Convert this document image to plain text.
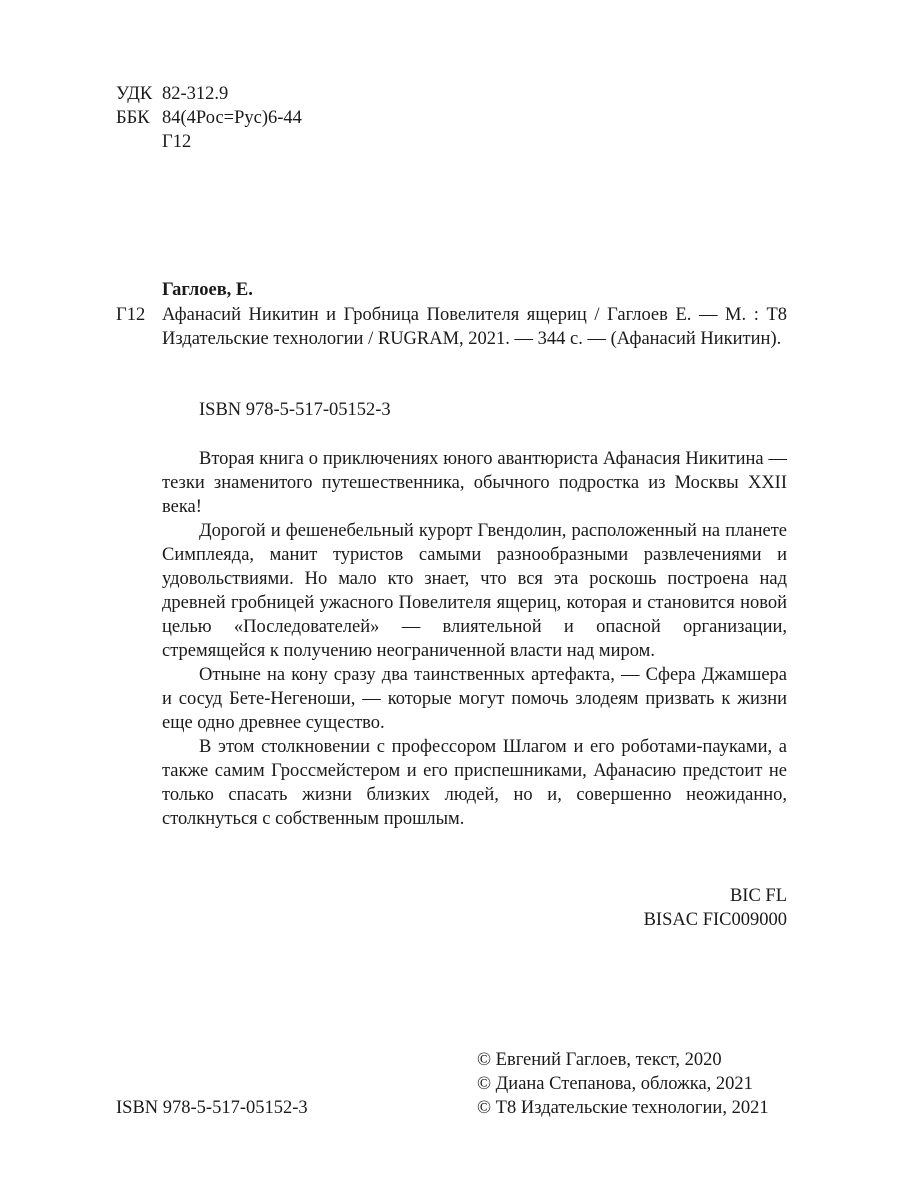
УДК 82-312.9
ББК 84(4Рос=Рус)6-44
Г12
Гаглоев, Е.
Г12 Афанасий Никитин и Гробница Повелителя ящериц / Гаглоев Е. — М. : Т8 Издательские технологии / RUGRAM, 2021. — 344 с. — (Афанасий Никитин).
ISBN 978-5-517-05152-3

Вторая книга о приключениях юного авантюриста Афанасия Никитина — тезки знаменитого путешественника, обычного подростка из Москвы XXII века!

Дорогой и фешенебельный курорт Гвендолин, расположенный на планете Симплеяда, манит туристов самыми разнообразными развлечениями и удовольствиями. Но мало кто знает, что вся эта роскошь построена над древней гробницей ужасного Повелителя ящериц, которая и становится новой целью «Последователей» — влиятельной и опасной организации, стремящейся к получению неограниченной власти над миром.

Отныне на кону сразу два таинственных артефакта, — Сфера Джамшера и сосуд Бете-Негеноши, — которые могут помочь злодеям призвать к жизни еще одно древнее существо.

В этом столкновении с профессором Шлагом и его роботами-пауками, а также самим Гроссмейстером и его приспешниками, Афанасию предстоит не только спасать жизни близких людей, но и, совершенно неожиданно, столкнуться с собственным прошлым.

BIC FL
BISAC FIC009000
© Евгений Гаглоев, текст, 2020
© Диана Степанова, обложка, 2021
© Т8 Издательские технологии, 2021
ISBN 978-5-517-05152-3
